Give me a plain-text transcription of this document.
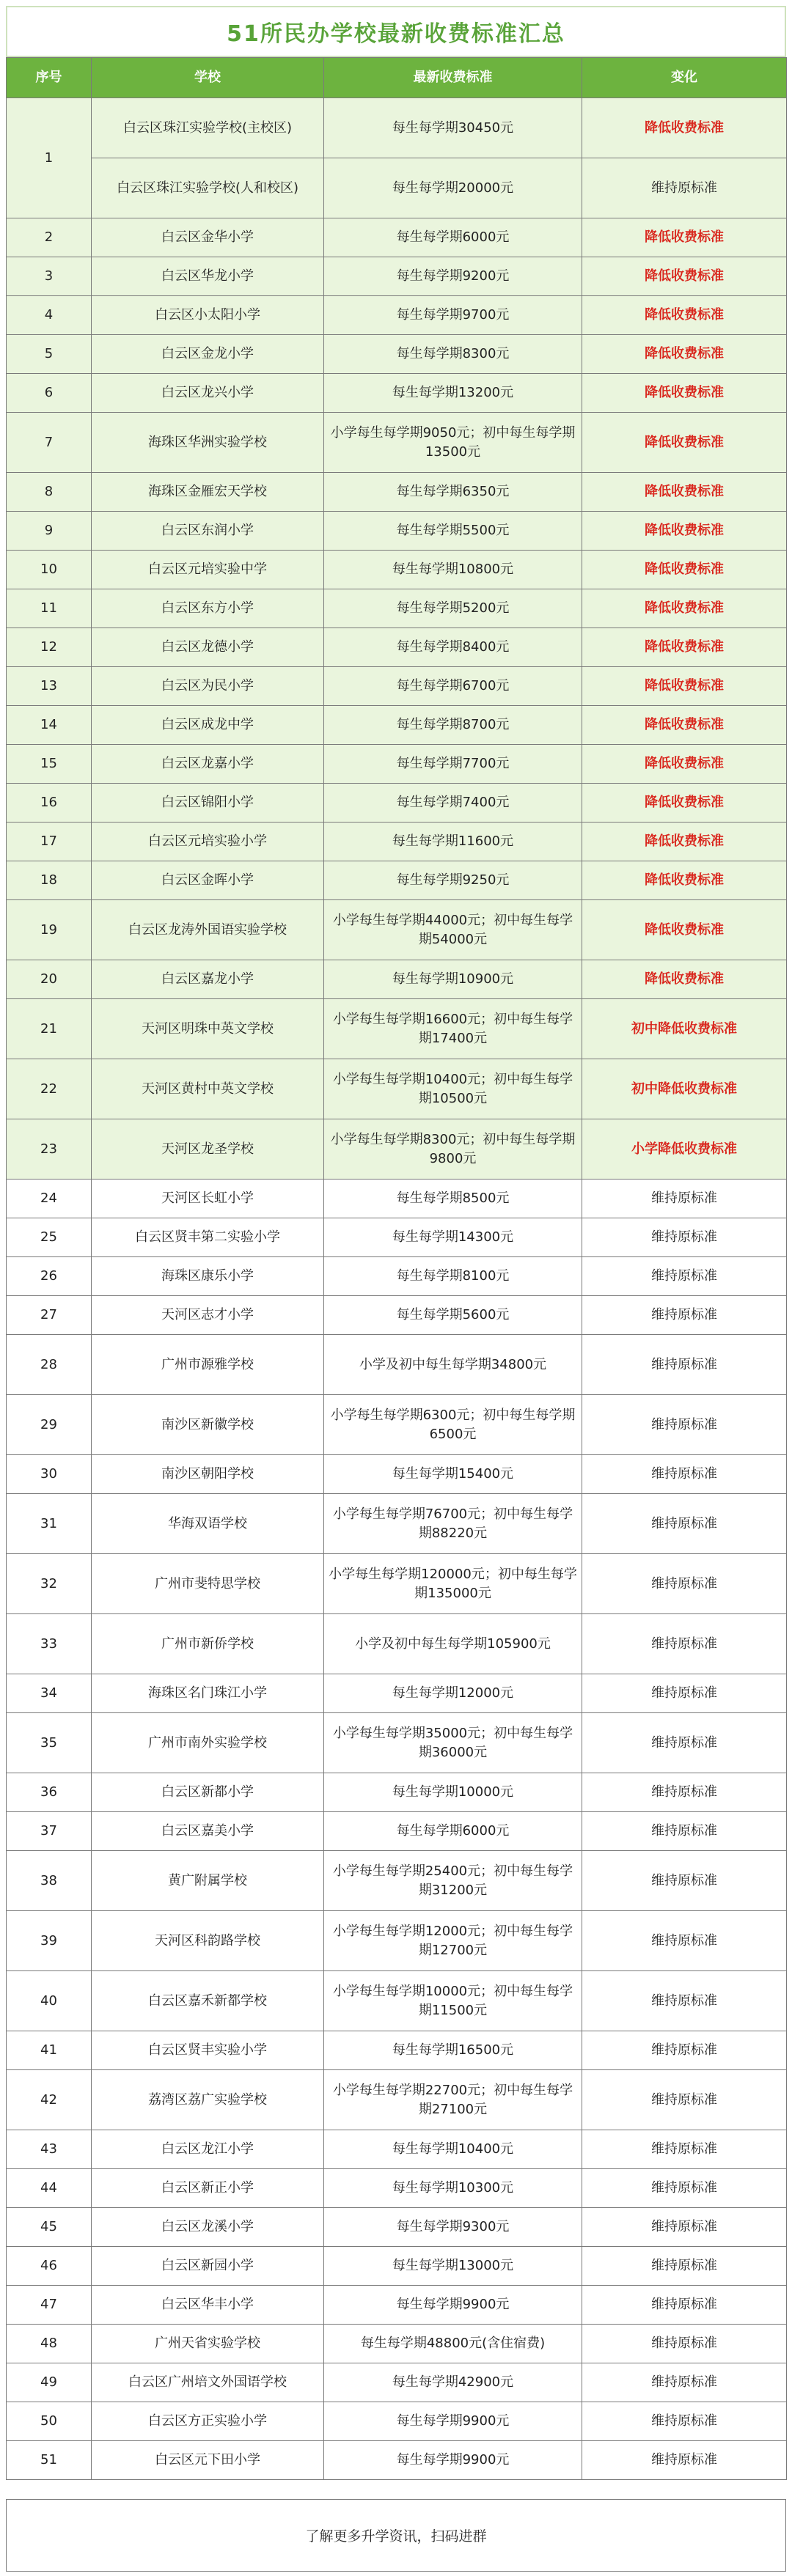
51所民办学校最新收费标准汇总
序号	学校	最新收费标准	变化
1	白云区珠江实验学校(主校区)	每生每学期30450元	降低收费标准
	白云区珠江实验学校(人和校区)	每生每学期20000元	维持原标准
2	白云区金华小学	每生每学期6000元	降低收费标准
3	白云区华龙小学	每生每学期9200元	降低收费标准
4	白云区小太阳小学	每生每学期9700元	降低收费标准
5	白云区金龙小学	每生每学期8300元	降低收费标准
6	白云区龙兴小学	每生每学期13200元	降低收费标准
7	海珠区华洲实验学校	小学每生每学期9050元；初中每生每学期13500元	降低收费标准
8	海珠区金雁宏天学校	每生每学期6350元	降低收费标准
9	白云区东润小学	每生每学期5500元	降低收费标准
10	白云区元培实验中学	每生每学期10800元	降低收费标准
11	白云区东方小学	每生每学期5200元	降低收费标准
12	白云区龙德小学	每生每学期8400元	降低收费标准
13	白云区为民小学	每生每学期6700元	降低收费标准
14	白云区成龙中学	每生每学期8700元	降低收费标准
15	白云区龙嘉小学	每生每学期7700元	降低收费标准
16	白云区锦阳小学	每生每学期7400元	降低收费标准
17	白云区元培实验小学	每生每学期11600元	降低收费标准
18	白云区金晖小学	每生每学期9250元	降低收费标准
19	白云区龙涛外国语实验学校	小学每生每学期44000元；初中每生每学期54000元	降低收费标准
20	白云区嘉龙小学	每生每学期10900元	降低收费标准
21	天河区明珠中英文学校	小学每生每学期16600元；初中每生每学期17400元	初中降低收费标准
22	天河区黄村中英文学校	小学每生每学期10400元；初中每生每学期10500元	初中降低收费标准
23	天河区龙圣学校	小学每生每学期8300元；初中每生每学期9800元	小学降低收费标准
24	天河区长虹小学	每生每学期8500元	维持原标准
25	白云区贤丰第二实验小学	每生每学期14300元	维持原标准
26	海珠区康乐小学	每生每学期8100元	维持原标准
27	天河区志才小学	每生每学期5600元	维持原标准
28	广州市源雅学校	小学及初中每生每学期34800元	维持原标准
29	南沙区新徽学校	小学每生每学期6300元；初中每生每学期6500元	维持原标准
30	南沙区朝阳学校	每生每学期15400元	维持原标准
31	华海双语学校	小学每生每学期76700元；初中每生每学期88220元	维持原标准
32	广州市斐特思学校	小学每生每学期120000元；初中每生每学期135000元	维持原标准
33	广州市新侨学校	小学及初中每生每学期105900元	维持原标准
34	海珠区名门珠江小学	每生每学期12000元	维持原标准
35	广州市南外实验学校	小学每生每学期35000元；初中每生每学期36000元	维持原标准
36	白云区新都小学	每生每学期10000元	维持原标准
37	白云区嘉美小学	每生每学期6000元	维持原标准
38	黄广附属学校	小学每生每学期25400元；初中每生每学期31200元	维持原标准
39	天河区科韵路学校	小学每生每学期12000元；初中每生每学期12700元	维持原标准
40	白云区嘉禾新都学校	小学每生每学期10000元；初中每生每学期11500元	维持原标准
41	白云区贤丰实验小学	每生每学期16500元	维持原标准
42	荔湾区荔广实验学校	小学每生每学期22700元；初中每生每学期27100元	维持原标准
43	白云区龙江小学	每生每学期10400元	维持原标准
44	白云区新正小学	每生每学期10300元	维持原标准
45	白云区龙溪小学	每生每学期9300元	维持原标准
46	白云区新园小学	每生每学期13000元	维持原标准
47	白云区华丰小学	每生每学期9900元	维持原标准
48	广州天省实验学校	每生每学期48800元(含住宿费)	维持原标准
49	白云区广州培文外国语学校	每生每学期42900元	维持原标准
50	白云区方正实验小学	每生每学期9900元	维持原标准
51	白云区元下田小学	每生每学期9900元	维持原标准
了解更多升学资讯，扫码进群
